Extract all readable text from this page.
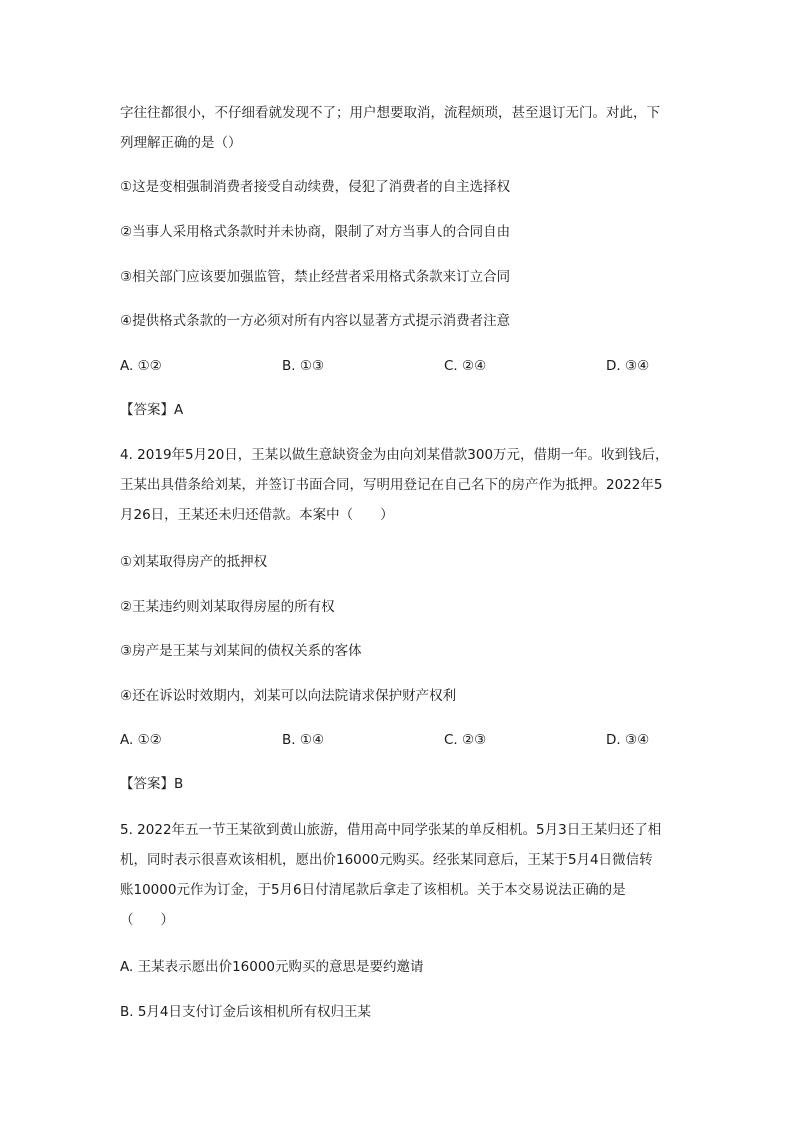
字往往都很小，不仔细看就发现不了；用户想要取消，流程烦琐，甚至退订无门。对此，下
列理解正确的是（）
①这是变相强制消费者接受自动续费，侵犯了消费者的自主选择权
②当事人采用格式条款时并未协商，限制了对方当事人的合同自由
③相关部门应该要加强监管，禁止经营者采用格式条款来订立合同
④提供格式条款的一方必须对所有内容以显著方式提示消费者注意
A. ①②	B. ①③	C. ②④	D. ③④
【答案】A
4. 2019年5月20日，王某以做生意缺资金为由向刘某借款300万元，借期一年。收到钱后，
王某出具借条给刘某，并签订书面合同，写明用登记在自己名下的房产作为抵押。2022年5
月26日，王某还未归还借款。本案中（　　）
①刘某取得房产的抵押权
②王某违约则刘某取得房屋的所有权
③房产是王某与刘某间的债权关系的客体
④还在诉讼时效期内，刘某可以向法院请求保护财产权利
A. ①②	B. ①④	C. ②③	D. ③④
【答案】B
5. 2022年五一节王某欲到黄山旅游，借用高中同学张某的单反相机。5月3日王某归还了相
机，同时表示很喜欢该相机，愿出价16000元购买。经张某同意后，王某于5月4日微信转
账10000元作为订金，于5月6日付清尾款后拿走了该相机。关于本交易说法正确的是
（　　）
A. 王某表示愿出价16000元购买的意思是要约邀请
B. 5月4日支付订金后该相机所有权归王某
